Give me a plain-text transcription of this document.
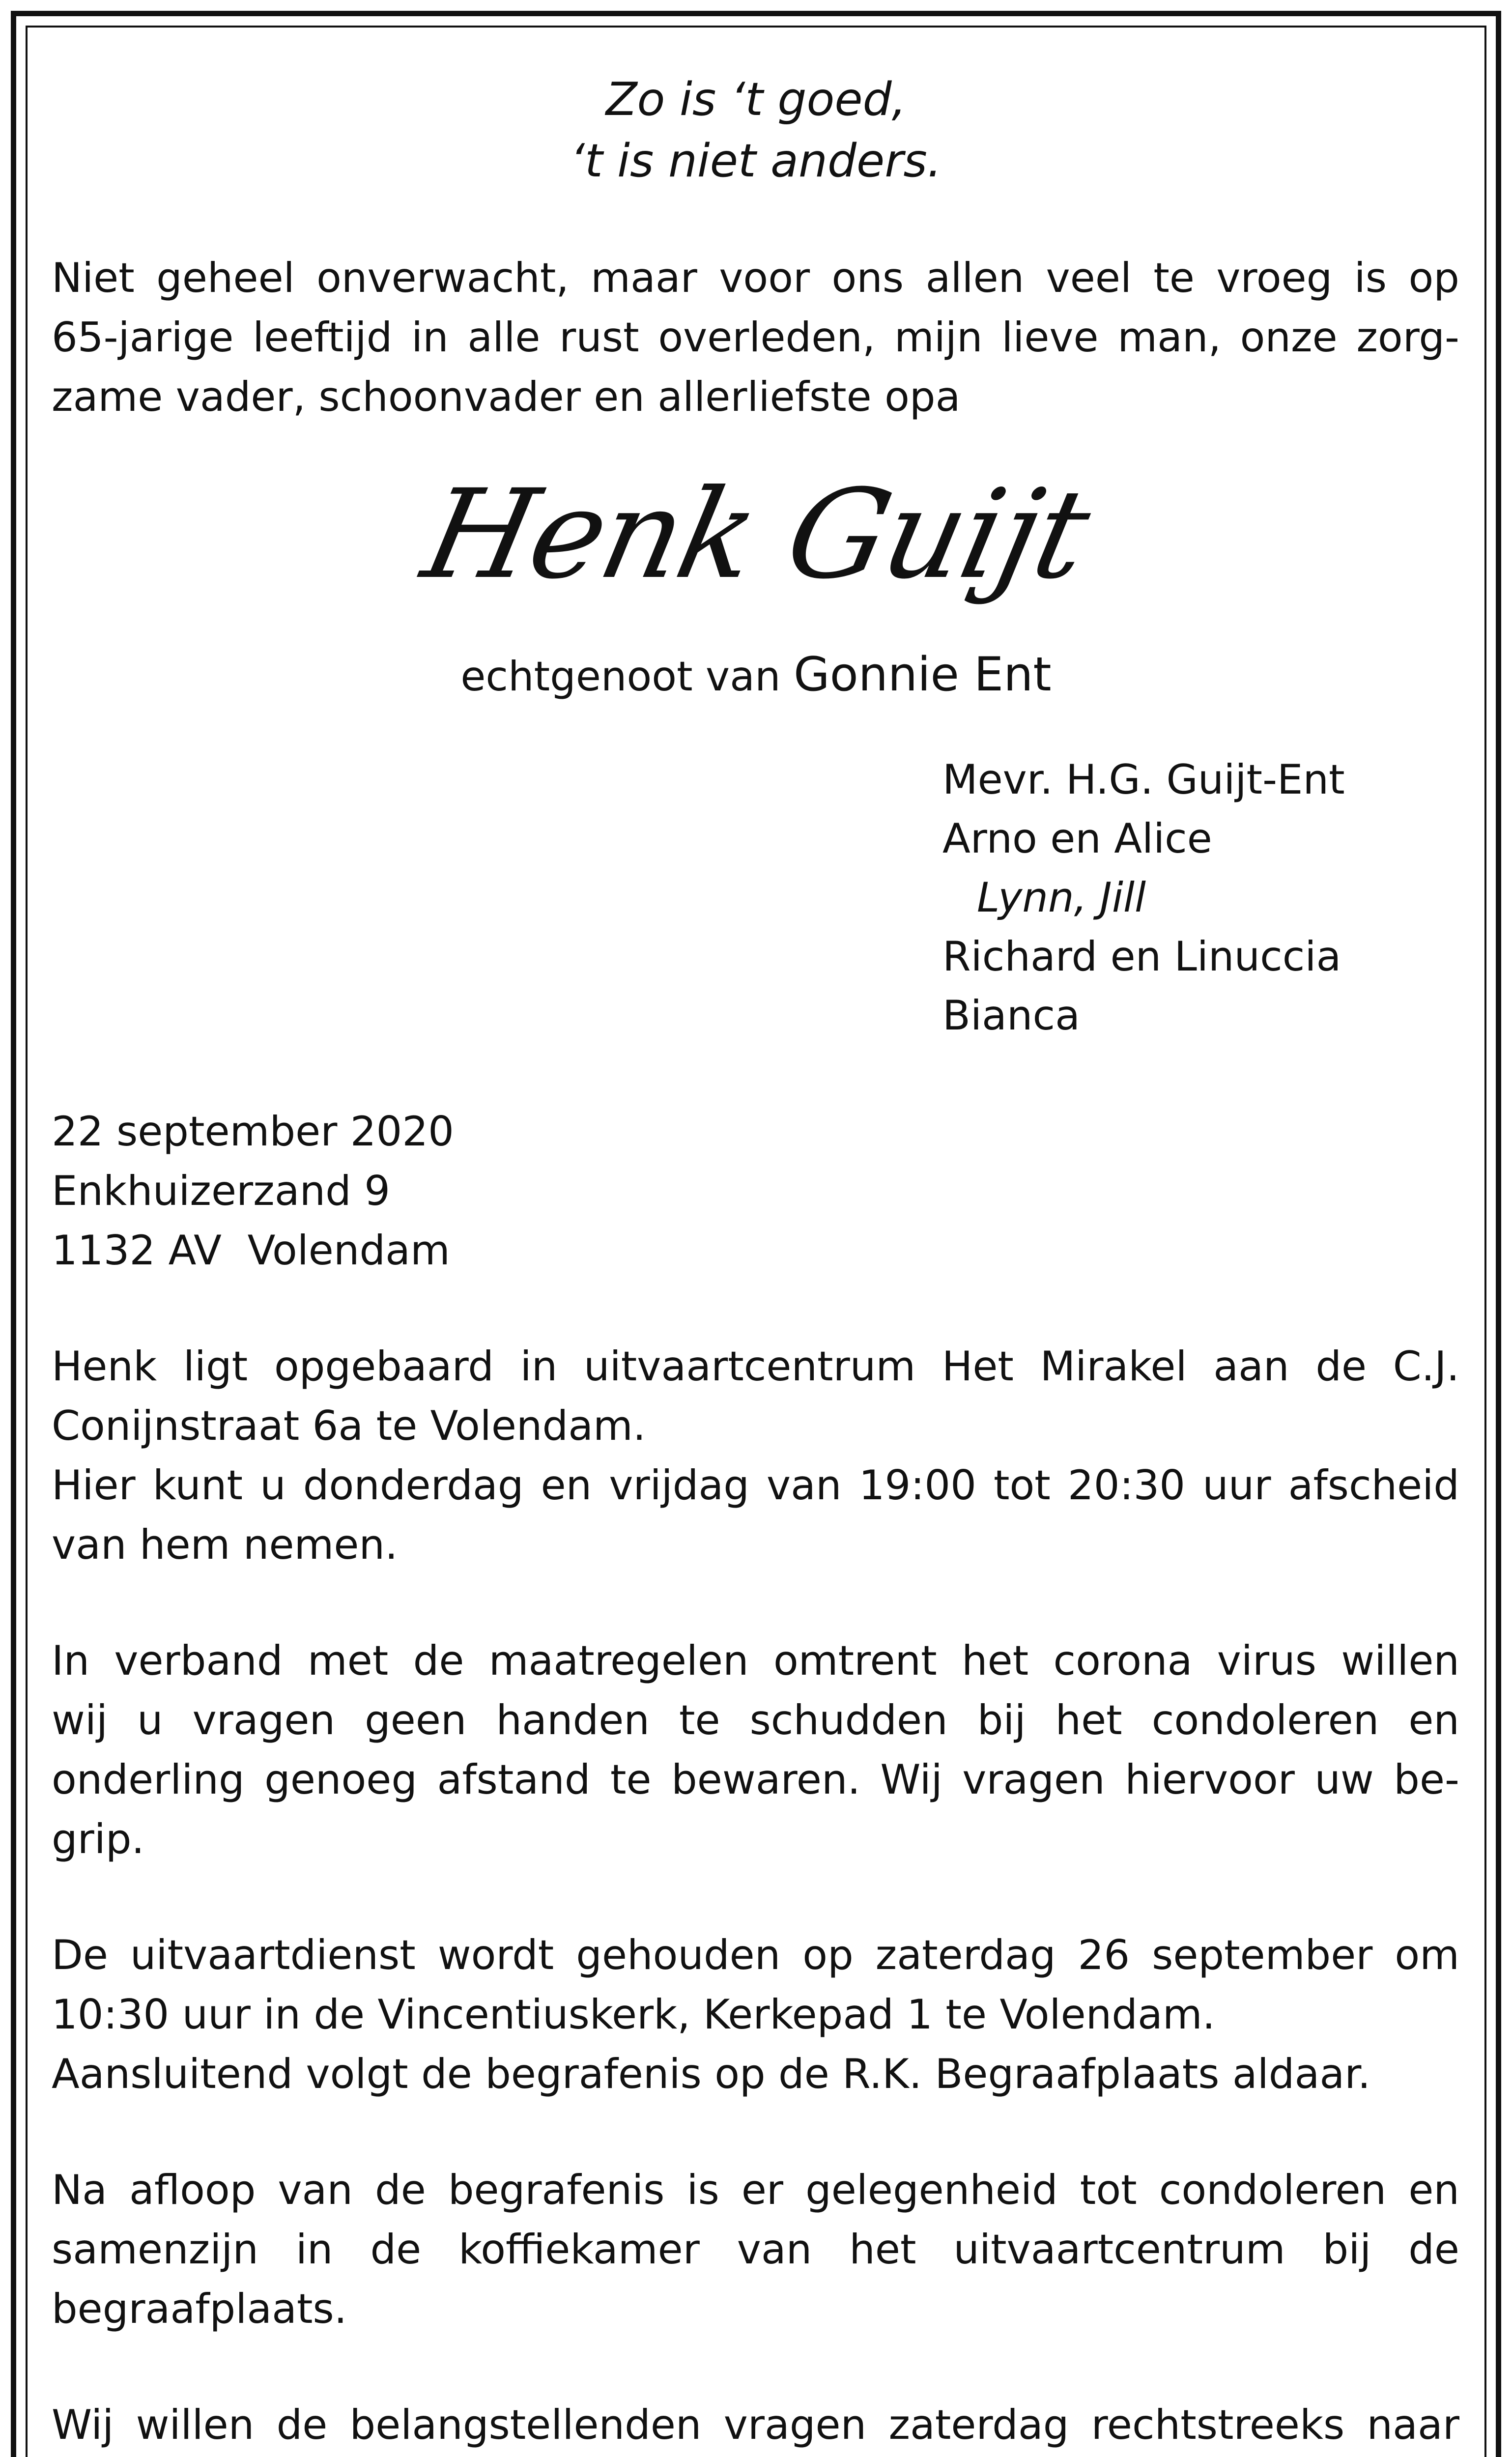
Zo is ‘t goed,
‘t is niet anders.
Niet geheel onverwacht, maar voor ons allen veel te vroeg is op
65-jarige leeftijd in alle rust overleden, mijn lieve man, onze zorg-
zame vader, schoonvader en allerliefste opa
Henk Guijt
echtgenoot van Gonnie Ent
Mevr. H.G. Guijt-Ent
Arno en Alice
Lynn, Jill
Richard en Linuccia
Bianca
22 september 2020
Enkhuizerzand 9
1132 AV  Volendam
Henk ligt opgebaard in uitvaartcentrum Het Mirakel aan de C.J.
Conijnstraat 6a te Volendam.
Hier kunt u donderdag en vrijdag van 19:00 tot 20:30 uur afscheid
van hem nemen.
In verband met de maatregelen omtrent het corona virus willen
wij u vragen geen handen te schudden bij het condoleren en
onderling genoeg afstand te bewaren. Wij vragen hiervoor uw be-
grip.
De uitvaartdienst wordt gehouden op zaterdag 26 september om
10:30 uur in de Vincentiuskerk, Kerkepad 1 te Volendam.
Aansluitend volgt de begrafenis op de R.K. Begraafplaats aldaar.
Na afloop van de begrafenis is er gelegenheid tot condoleren en
samenzijn in de koffiekamer van het uitvaartcentrum bij de
begraafplaats.
Wij willen de belangstellenden vragen zaterdag rechtstreeks naar
